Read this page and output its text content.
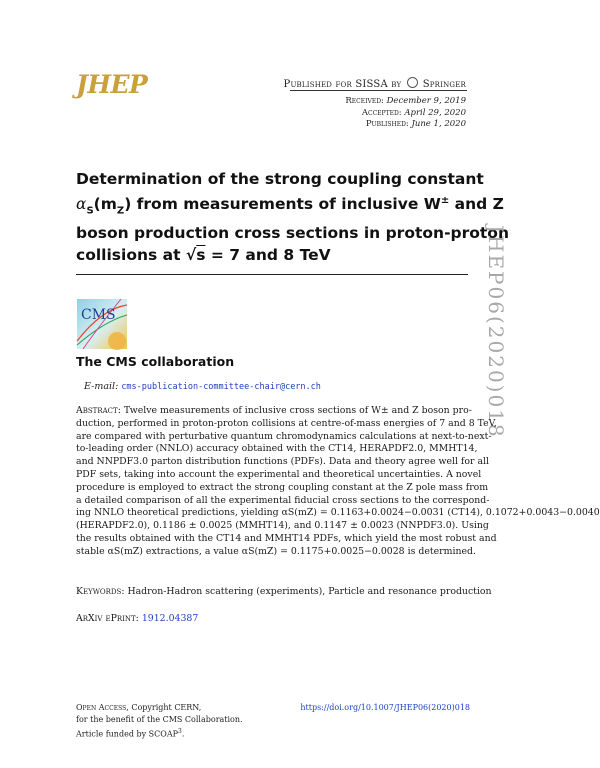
JHEP	Published for SISSA by Springer
Received: December 9, 2019
Accepted: April 29, 2020
Published: June 1, 2020
Determination of the strong coupling constant
$\alpha_S(m_Z)$ from measurements of inclusive W± and Z
boson production cross sections in proton-proton
collisions at √s = 7 and 8 TeV	JHEP06(2020)018
CMS
The CMS collaboration
E-mail: cms-publication-committee-chair@cern.ch
Abstract: Twelve measurements of inclusive cross sections of W± and Z boson pro-
duction, performed in proton-proton collisions at centre-of-mass energies of 7 and 8 TeV,
are compared with perturbative quantum chromodynamics calculations at next-to-next-
to-leading order (NNLO) accuracy obtained with the CT14, HERAPDF2.0, MMHT14,
and NNPDF3.0 parton distribution functions (PDFs). Data and theory agree well for all
PDF sets, taking into account the experimental and theoretical uncertainties. A novel
procedure is employed to extract the strong coupling constant at the Z pole mass from
a detailed comparison of all the experimental fiducial cross sections to the correspond-
ing NNLO theoretical predictions, yielding αS(mZ) = 0.1163+0.0024−0.0031 (CT14), 0.1072+0.0043−0.0040
(HERAPDF2.0), 0.1186 ± 0.0025 (MMHT14), and 0.1147 ± 0.0023 (NNPDF3.0). Using
the results obtained with the CT14 and MMHT14 PDFs, which yield the most robust and
stable αS(mZ) extractions, a value αS(mZ) = 0.1175+0.0025−0.0028 is determined.
Keywords: Hadron-Hadron scattering (experiments), Particle and resonance production
ArXiv ePrint: 1912.04387
Open Access, Copyright CERN,
for the benefit of the CMS Collaboration.
Article funded by SCOAP$^3$.
https://doi.org/10.1007/JHEP06(2020)018
